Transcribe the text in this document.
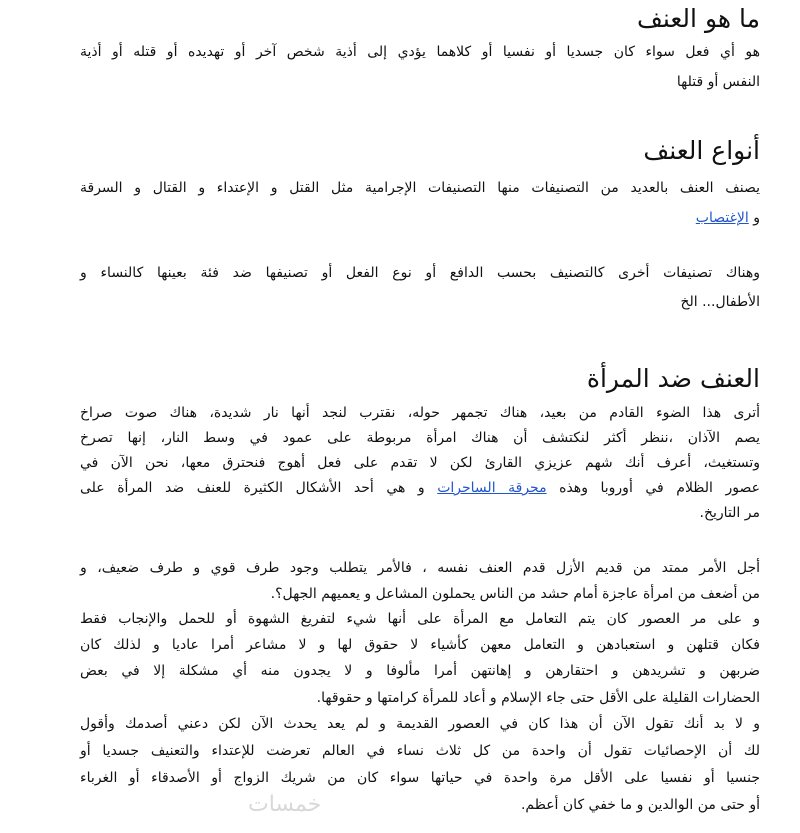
ما هو العنف
هو أي فعل سواء كان جسديا أو نفسيا أو كلاهما يؤدي إلى أذية شخص آخر أو تهديده أو قتله أو أذية
النفس أو قتلها
أنواع العنف
يصنف العنف بالعديد من التصنيفات منها التصنيفات الإجرامية مثل القتل و الإعتداء و القتال و السرقة
و الإغتصاب
وهناك تصنيفات أخرى كالتصنيف بحسب الدافع أو نوع الفعل أو تصنيفها ضد فئة بعينها كالنساء و
الأطفال... الخ
العنف ضد المرأة
أترى هذا الضوء القادم من بعيد، هناك تجمهر حوله، نقترب لنجد أنها نار شديدة، هناك صوت صراخ
يصم الآذان ،ننظر أكثر لنكتشف أن هناك امرأة مربوطة على عمود في وسط النار، إنها تصرخ
وتستغيث، أعرف أنك شهم عزيزي القارئ لكن لا تقدم على فعل أهوج فنحترق معها، نحن الآن في
عصور الظلام في أوروبا وهذه محرقة الساحرات و هي أحد الأشكال الكثيرة للعنف ضد المرأة على
مر التاريخ.
أجل الأمر ممتد من قديم الأزل قدم العنف نفسه ، فالأمر يتطلب وجود طرف قوي و طرف ضعيف، و
من أضعف من امرأة عاجزة أمام حشد من الناس يحملون المشاعل و يعميهم الجهل؟.
و على مر العصور كان يتم التعامل مع المرأة على أنها شيء لتفريغ الشهوة أو للحمل والإنجاب فقط
فكان قتلهن و استعبادهن و التعامل معهن كأشياء لا حقوق لها و لا مشاعر أمرا عاديا و لذلك كان
ضربهن و تشريدهن و احتقارهن و إهانتهن أمرا مألوفا و لا يجدون منه أي مشكلة إلا في بعض
الحضارات القليلة على الأقل حتى جاء الإسلام و أعاد للمرأة كرامتها و حقوقها.
و لا بد أنك تقول الآن أن هذا كان في العصور القديمة و لم يعد يحدث الآن لكن دعني أصدمك وأقول
لك أن الإحصائيات تقول أن واحدة من كل ثلاث نساء في العالم تعرضت للإعتداء والتعنيف جسديا أو
جنسيا أو نفسيا على الأقل مرة واحدة في حياتها سواء كان من شريك الزواج أو الأصدقاء أو الغرباء
أو حتى من الوالدين و ما خفي كان أعظم.
خمسات
